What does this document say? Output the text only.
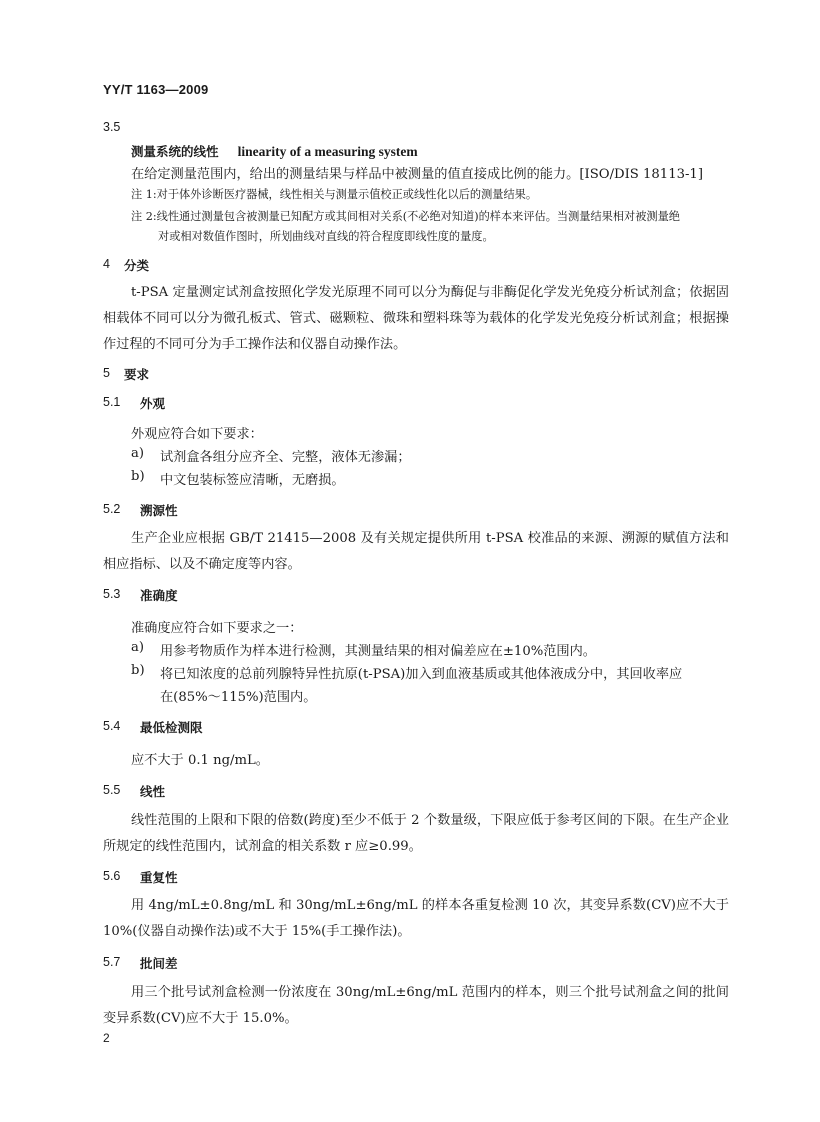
YY/T 1163—2009
3.5
测量系统的线性 linearity of a measuring system
在给定测量范围内，给出的测量结果与样品中被测量的值直接成比例的能力。[ISO/DIS 18113-1]
注 1:对于体外诊断医疗器械，线性相关与测量示值校正或线性化以后的测量结果。
注 2:线性通过测量包含被测量已知配方或其间相对关系(不必绝对知道)的样本来评估。当测量结果相对被测量绝
对或相对数值作图时，所划曲线对直线的符合程度即线性度的量度。
4 分类
t-PSA 定量测定试剂盒按照化学发光原理不同可以分为酶促与非酶促化学发光免疫分析试剂盒；依据固相载体不同可以分为微孔板式、管式、磁颗粒、微珠和塑料珠等为载体的化学发光免疫分析试剂盒；根据操作过程的不同可分为手工操作法和仪器自动操作法。
5 要求
5.1 外观
外观应符合如下要求：
a) 试剂盒各组分应齐全、完整，液体无渗漏；
b) 中文包装标签应清晰，无磨损。
5.2 溯源性
生产企业应根据 GB/T 21415—2008 及有关规定提供所用 t-PSA 校准品的来源、溯源的赋值方法和相应指标、以及不确定度等内容。
5.3 准确度
准确度应符合如下要求之一：
a) 用参考物质作为样本进行检测，其测量结果的相对偏差应在±10%范围内。
b) 将已知浓度的总前列腺特异性抗原(t-PSA)加入到血液基质或其他体液成分中，其回收率应
在(85%～115%)范围内。
5.4 最低检测限
应不大于 0.1 ng/mL。
5.5 线性
线性范围的上限和下限的倍数(跨度)至少不低于 2 个数量级，下限应低于参考区间的下限。在生产企业所规定的线性范围内，试剂盒的相关系数 r 应≥0.99。
5.6 重复性
用 4ng/mL±0.8ng/mL 和 30ng/mL±6ng/mL 的样本各重复检测 10 次，其变异系数(CV)应不大于 10%(仪器自动操作法)或不大于 15%(手工操作法)。
5.7 批间差
用三个批号试剂盒检测一份浓度在 30ng/mL±6ng/mL 范围内的样本，则三个批号试剂盒之间的批间变异系数(CV)应不大于 15.0%。
2
